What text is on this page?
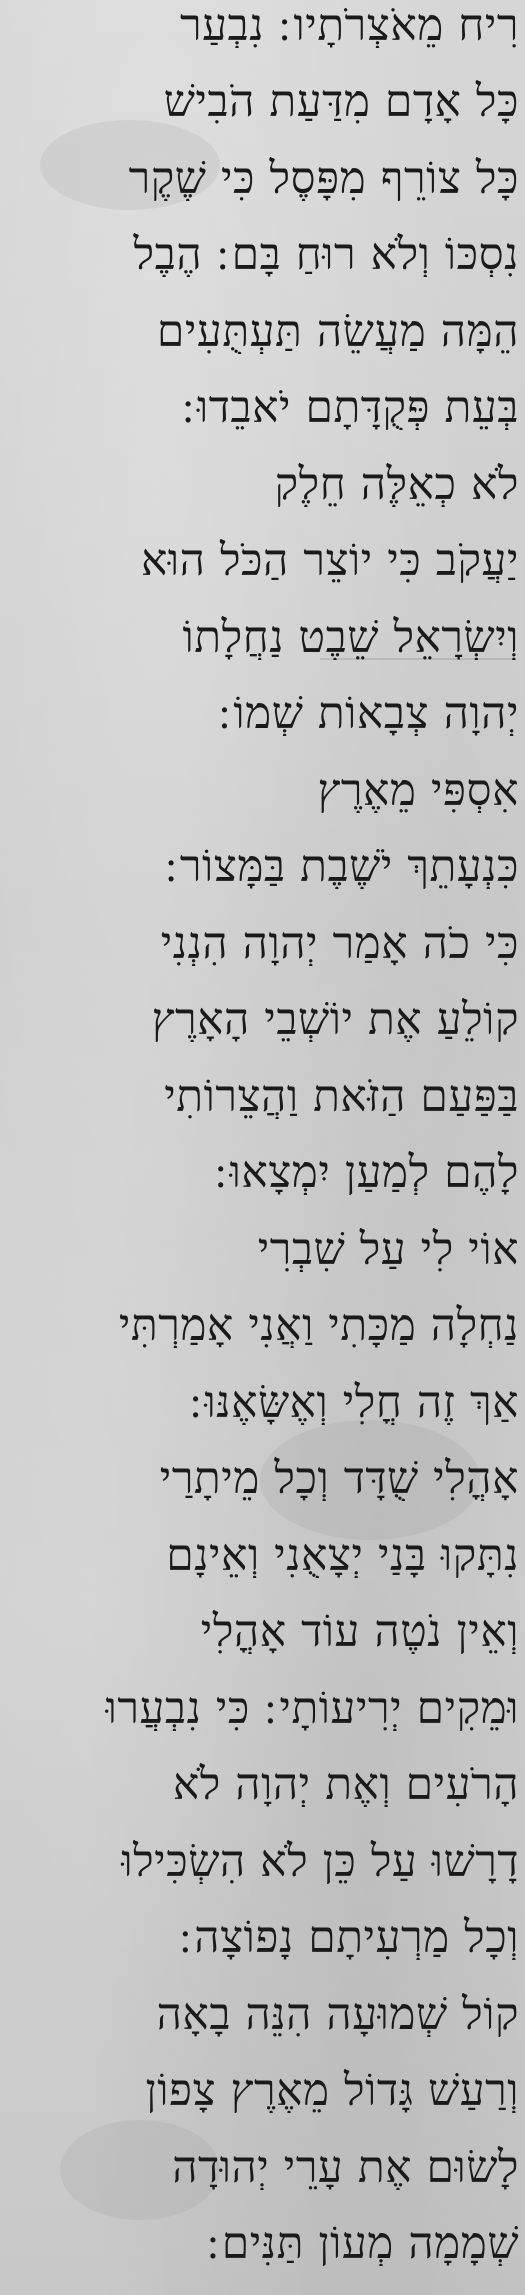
רִיח מֵאֹצְרֹתָיו ׃ נִבְעַר
כָּל אָדָם מִדַּעַת הֹבִישׁ
כָּל צוֹרֵף מִפָּסֶל כִּי שֶׁקֶר
נִסְכּוֹ וְלֹא רוּחַ בָּם ׃ הֶבֶל
הֵמָּה מַעֲשֵׂה תַּעְתֻּעִים
בְּעֵת פְּקֻדָּתָם יֹאבֵדוּ ׃
לֹא כְאֵלֶּה חֵלֶק
יַעֲקֹב כִּי יוֹצֵר הַכֹּל הוּא
וְיִשְׂרָאֵל שֵׁבֶט נַחֲלָתוֹ
יְהוָה צְבָאוֹת שְׁמוֹ ׃
אִסְפִּי מֵאֶרֶץ
כִּנְעָתֵךְ יֹשֶׁבֶת בַּמָּצוֹר ׃
כִּי כֹה אָמַר יְהוָה הִנְנִי
קוֹלֵעַ אֶת יוֹשְׁבֵי הָאָרֶץ
בַּפַּעַם הַזֹּאת וַהֲצֵרוֹתִי
לָהֶם לְמַעַן יִמְצָאוּ ׃
אוֹי לִי עַל שִׁבְרִי
נַחְלָה מַכָּתִי וַאֲנִי אָמַרְתִּי
אַךְ זֶה חֳלִי וְאֶשָּׂאֶנּוּ ׃
אָהֳלִי שֻׁדָּד וְכָל מֵיתָרַי
נִתָּקוּ בָּנַי יְצָאֻנִי וְאֵינָם
וְאֵין נֹטֶה עוֹד אָהֳלִי
וּמֵקִים יְרִיעוֹתָי ׃ כִּי נִבְעֲרוּ
הָרֹעִים וְאֶת יְהוָה לֹא
דָרָשׁוּ עַל כֵּן לֹא הִשְׂכִּילוּ
וְכָל מַרְעִיתָם נָפוֹצָה ׃
קוֹל שְׁמוּעָה הִנֵּה בָאָה
וְרַעַשׁ גָּדוֹל מֵאֶרֶץ צָפוֹן
לָשׂוּם אֶת עָרֵי יְהוּדָה
שְׁמָמָה מְעוֹן תַּנִּים ׃
